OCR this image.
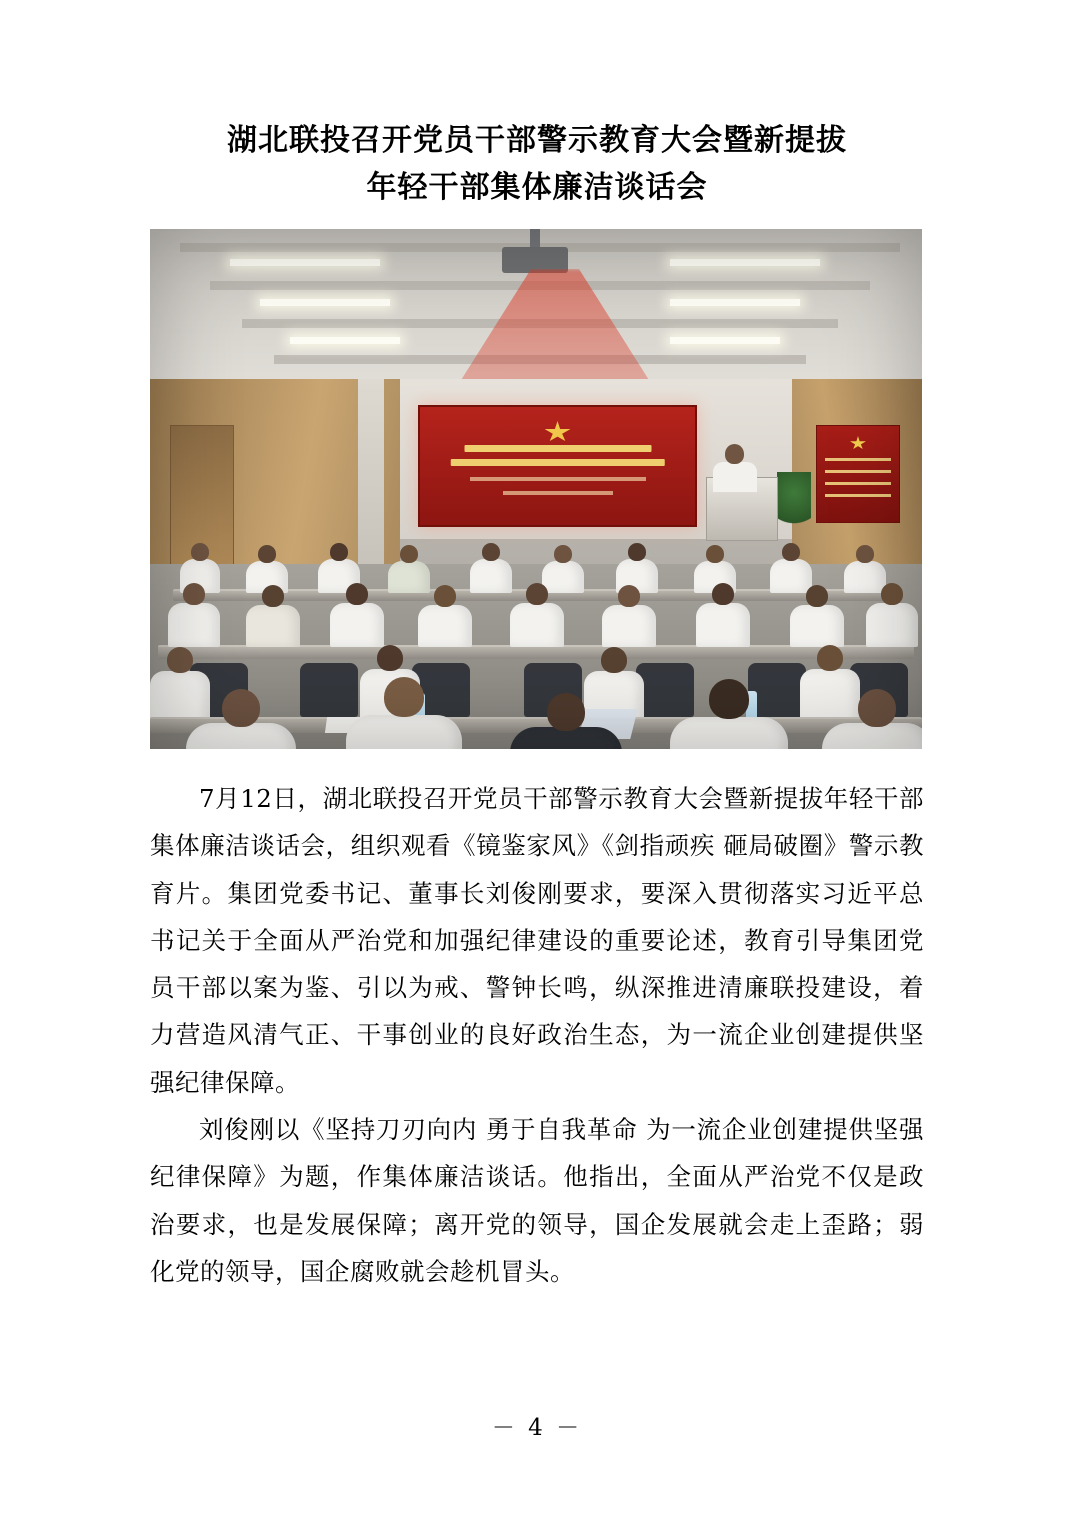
湖北联投召开党员干部警示教育大会暨新提拔
年轻干部集体廉洁谈话会

7月12日，湖北联投召开党员干部警示教育大会暨新提拔年轻干部集体廉洁谈话会，组织观看《镜鉴家风》《剑指顽疾 砸局破圈》警示教育片。集团党委书记、董事长刘俊刚要求，要深入贯彻落实习近平总书记关于全面从严治党和加强纪律建设的重要论述，教育引导集团党员干部以案为鉴、引以为戒、警钟长鸣，纵深推进清廉联投建设，着力营造风清气正、干事创业的良好政治生态，为一流企业创建提供坚强纪律保障。

刘俊刚以《坚持刀刃向内 勇于自我革命 为一流企业创建提供坚强纪律保障》为题，作集体廉洁谈话。他指出，全面从严治党不仅是政治要求，也是发展保障；离开党的领导，国企发展就会走上歪路；弱化党的领导，国企腐败就会趁机冒头。

－ 4 －
